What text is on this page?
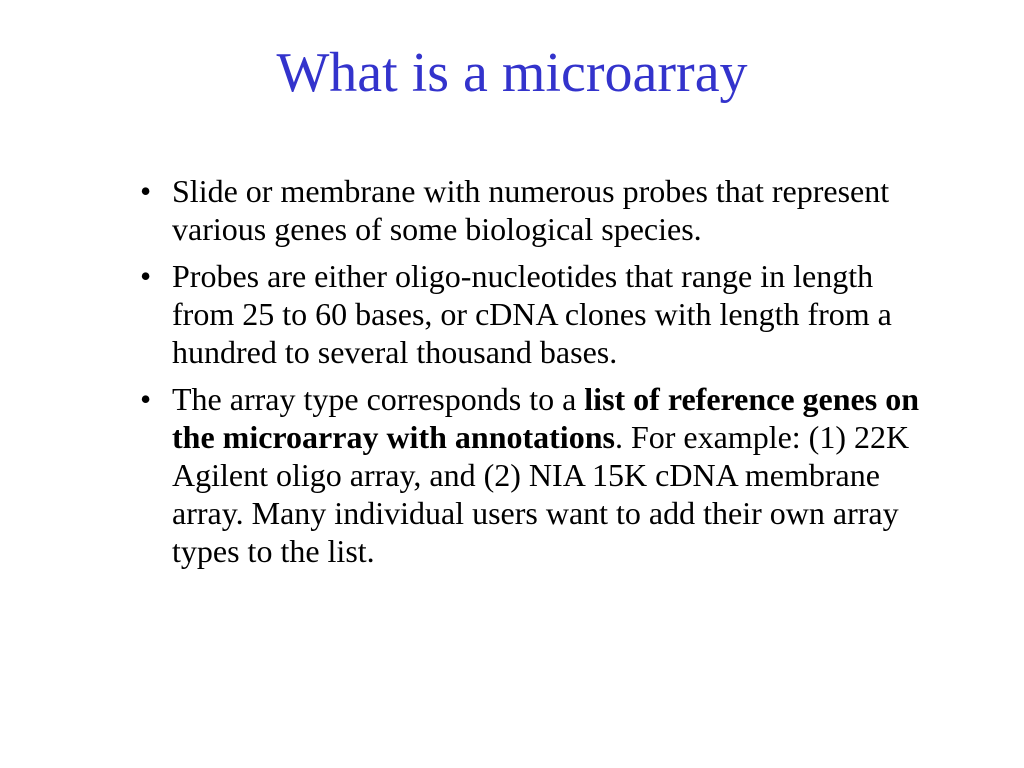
What is a microarray
• Slide or membrane with numerous probes that represent various genes of some biological species.
• Probes are either oligo-nucleotides that range in length from 25 to 60 bases, or cDNA clones with length from a hundred to several thousand bases.
• The array type corresponds to a list of reference genes on the microarray with annotations. For example: (1) 22K Agilent oligo array, and (2) NIA 15K cDNA membrane array. Many individual users want to add their own array types to the list.
